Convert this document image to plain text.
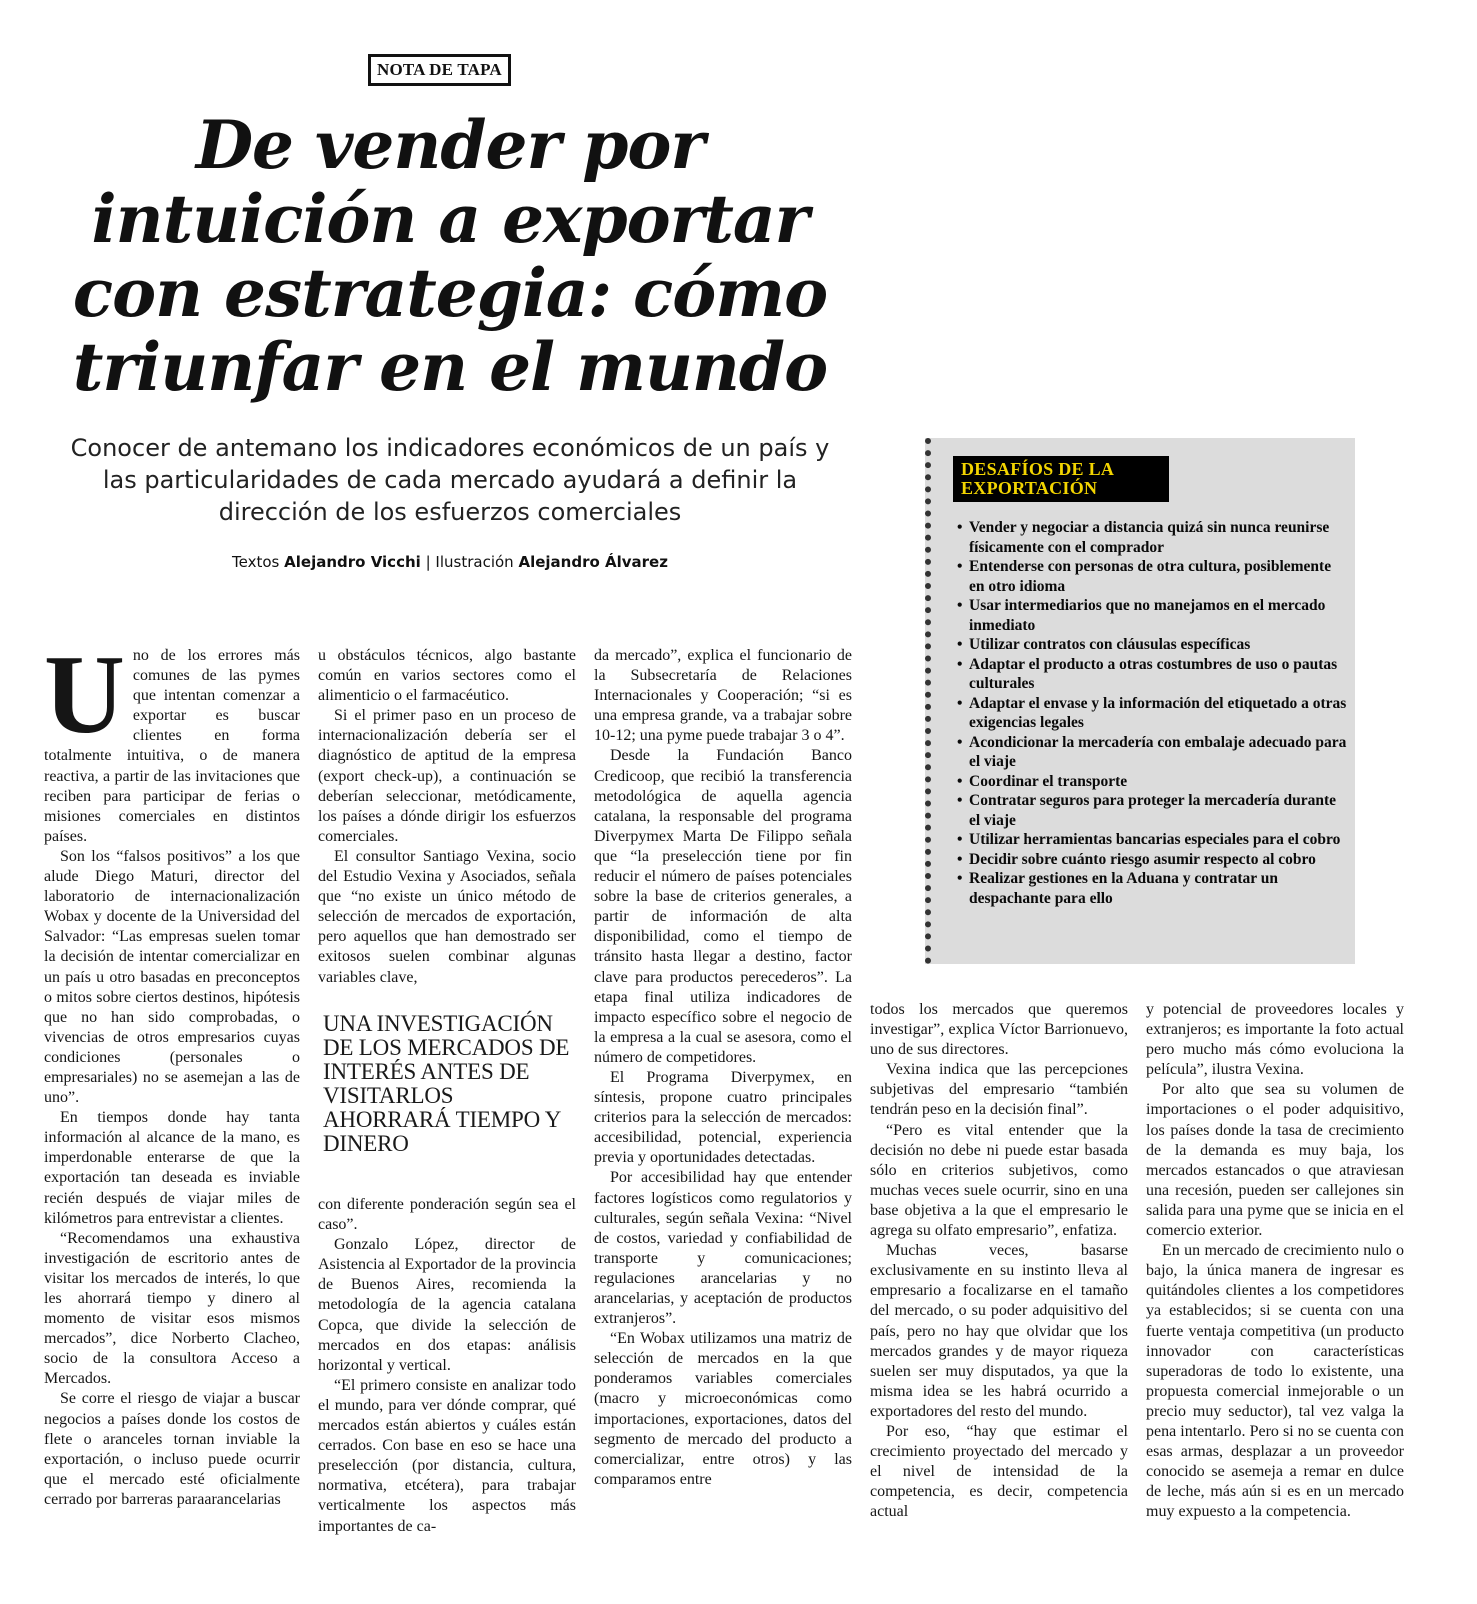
NOTA DE TAPA
De vender por intuición a exportar con estrategia: cómo triunfar en el mundo

Conocer de antemano los indicadores económicos de un país y las particularidades de cada mercado ayudará a definir la dirección de los esfuerzos comerciales

Textos Alejandro Vicchi | Ilustración Alejandro Álvarez
DESAFÍOS DE LA EXPORTACIÓN
• Vender y negociar a distancia quizá sin nunca reunirse físicamente con el comprador
• Entenderse con personas de otra cultura, posiblemente en otro idioma
• Usar intermediarios que no manejamos en el mercado inmediato
• Utilizar contratos con cláusulas específicas
• Adaptar el producto a otras costumbres de uso o pautas culturales
• Adaptar el envase y la información del etiquetado a otras exigencias legales
• Acondicionar la mercadería con embalaje adecuado para el viaje
• Coordinar el transporte
• Contratar seguros para proteger la mercadería durante el viaje
• Utilizar herramientas bancarias especiales para el cobro
• Decidir sobre cuánto riesgo asumir respecto al cobro
• Realizar gestiones en la Aduana y contratar un despachante para ello
U no de los errores más comunes de las pymes que intentan comenzar a exportar es buscar clientes en forma totalmente intuitiva, o de manera reactiva, a partir de las invitaciones que reciben para participar de ferias o misiones comerciales en distintos países.

Son los “falsos positivos” a los que alude Diego Maturi, director del laboratorio de internacionalización Wobax y docente de la Universidad del Salvador: “Las empresas suelen tomar la decisión de intentar comercializar en un país u otro basadas en preconceptos o mitos sobre ciertos destinos, hipótesis que no han sido comprobadas, o vivencias de otros empresarios cuyas condiciones (personales o empresariales) no se asemejan a las de uno”.

En tiempos donde hay tanta información al alcance de la mano, es imperdonable enterarse de que la exportación tan deseada es inviable recién después de viajar miles de kilómetros para entrevistar a clientes.

“Recomendamos una exhaustiva investigación de escritorio antes de visitar los mercados de interés, lo que les ahorrará tiempo y dinero al momento de visitar esos mismos mercados”, dice Norberto Clacheo, socio de la consultora Acceso a Mercados.

Se corre el riesgo de viajar a buscar negocios a países donde los costos de flete o aranceles tornan inviable la exportación, o incluso puede ocurrir que el mercado esté oficialmente cerrado por barreras paraarancelarias

u obstáculos técnicos, algo bastante común en varios sectores como el alimenticio o el farmacéutico.

Si el primer paso en un proceso de internacionalización debería ser el diagnóstico de aptitud de la empresa (export check-up), a continuación se deberían seleccionar, metódicamente, los países a dónde dirigir los esfuerzos comerciales.

El consultor Santiago Vexina, socio del Estudio Vexina y Asociados, señala que “no existe un único método de selección de mercados de exportación, pero aquellos que han demostrado ser exitosos suelen combinar algunas variables clave,

UNA INVESTIGACIÓN DE LOS MERCADOS DE INTERÉS ANTES DE VISITARLOS AHORRARÁ TIEMPO Y DINERO

con diferente ponderación según sea el caso”.

Gonzalo López, director de Asistencia al Exportador de la provincia de Buenos Aires, recomienda la metodología de la agencia catalana Copca, que divide la selección de mercados en dos etapas: análisis horizontal y vertical.

“El primero consiste en analizar todo el mundo, para ver dónde comprar, qué mercados están abiertos y cuáles están cerrados. Con base en eso se hace una preselección (por distancia, cultura, normativa, etcétera), para trabajar verticalmente los aspectos más importantes de ca-

da mercado”, explica el funcionario de la Subsecretaría de Relaciones Internacionales y Cooperación; “si es una empresa grande, va a trabajar sobre 10-12; una pyme puede trabajar 3 o 4”.

Desde la Fundación Banco Credicoop, que recibió la transferencia metodológica de aquella agencia catalana, la responsable del programa Diverpymex Marta De Filippo señala que “la preselección tiene por fin reducir el número de países potenciales sobre la base de criterios generales, a partir de información de alta disponibilidad, como el tiempo de tránsito hasta llegar a destino, factor clave para productos perecederos”. La etapa final utiliza indicadores de impacto específico sobre el negocio de la empresa a la cual se asesora, como el número de competidores.

El Programa Diverpymex, en síntesis, propone cuatro principales criterios para la selección de mercados: accesibilidad, potencial, experiencia previa y oportunidades detectadas.

Por accesibilidad hay que entender factores logísticos como regulatorios y culturales, según señala Vexina: “Nivel de costos, variedad y confiabilidad de transporte y comunicaciones; regulaciones arancelarias y no arancelarias, y aceptación de productos extranjeros”.

“En Wobax utilizamos una matriz de selección de mercados en la que ponderamos variables comerciales (macro y microeconómicas como importaciones, exportaciones, datos del segmento de mercado del producto a comercializar, entre otros) y las comparamos entre

todos los mercados que queremos investigar”, explica Víctor Barrionuevo, uno de sus directores.

Vexina indica que las percepciones subjetivas del empresario “también tendrán peso en la decisión final”.

“Pero es vital entender que la decisión no debe ni puede estar basada sólo en criterios subjetivos, como muchas veces suele ocurrir, sino en una base objetiva a la que el empresario le agrega su olfato empresario”, enfatiza.

Muchas veces, basarse exclusivamente en su instinto lleva al empresario a focalizarse en el tamaño del mercado, o su poder adquisitivo del país, pero no hay que olvidar que los mercados grandes y de mayor riqueza suelen ser muy disputados, ya que la misma idea se les habrá ocurrido a exportadores del resto del mundo.

Por eso, “hay que estimar el crecimiento proyectado del mercado y el nivel de intensidad de la competencia, es decir, competencia actual

y potencial de proveedores locales y extranjeros; es importante la foto actual pero mucho más cómo evoluciona la película”, ilustra Vexina.

Por alto que sea su volumen de importaciones o el poder adquisitivo, los países donde la tasa de crecimiento de la demanda es muy baja, los mercados estancados o que atraviesan una recesión, pueden ser callejones sin salida para una pyme que se inicia en el comercio exterior.

En un mercado de crecimiento nulo o bajo, la única manera de ingresar es quitándoles clientes a los competidores ya establecidos; si se cuenta con una fuerte ventaja competitiva (un producto innovador con características superadoras de todo lo existente, una propuesta comercial inmejorable o un precio muy seductor), tal vez valga la pena intentarlo. Pero si no se cuenta con esas armas, desplazar a un proveedor conocido se asemeja a remar en dulce de leche, más aún si es en un mercado muy expuesto a la competencia.
